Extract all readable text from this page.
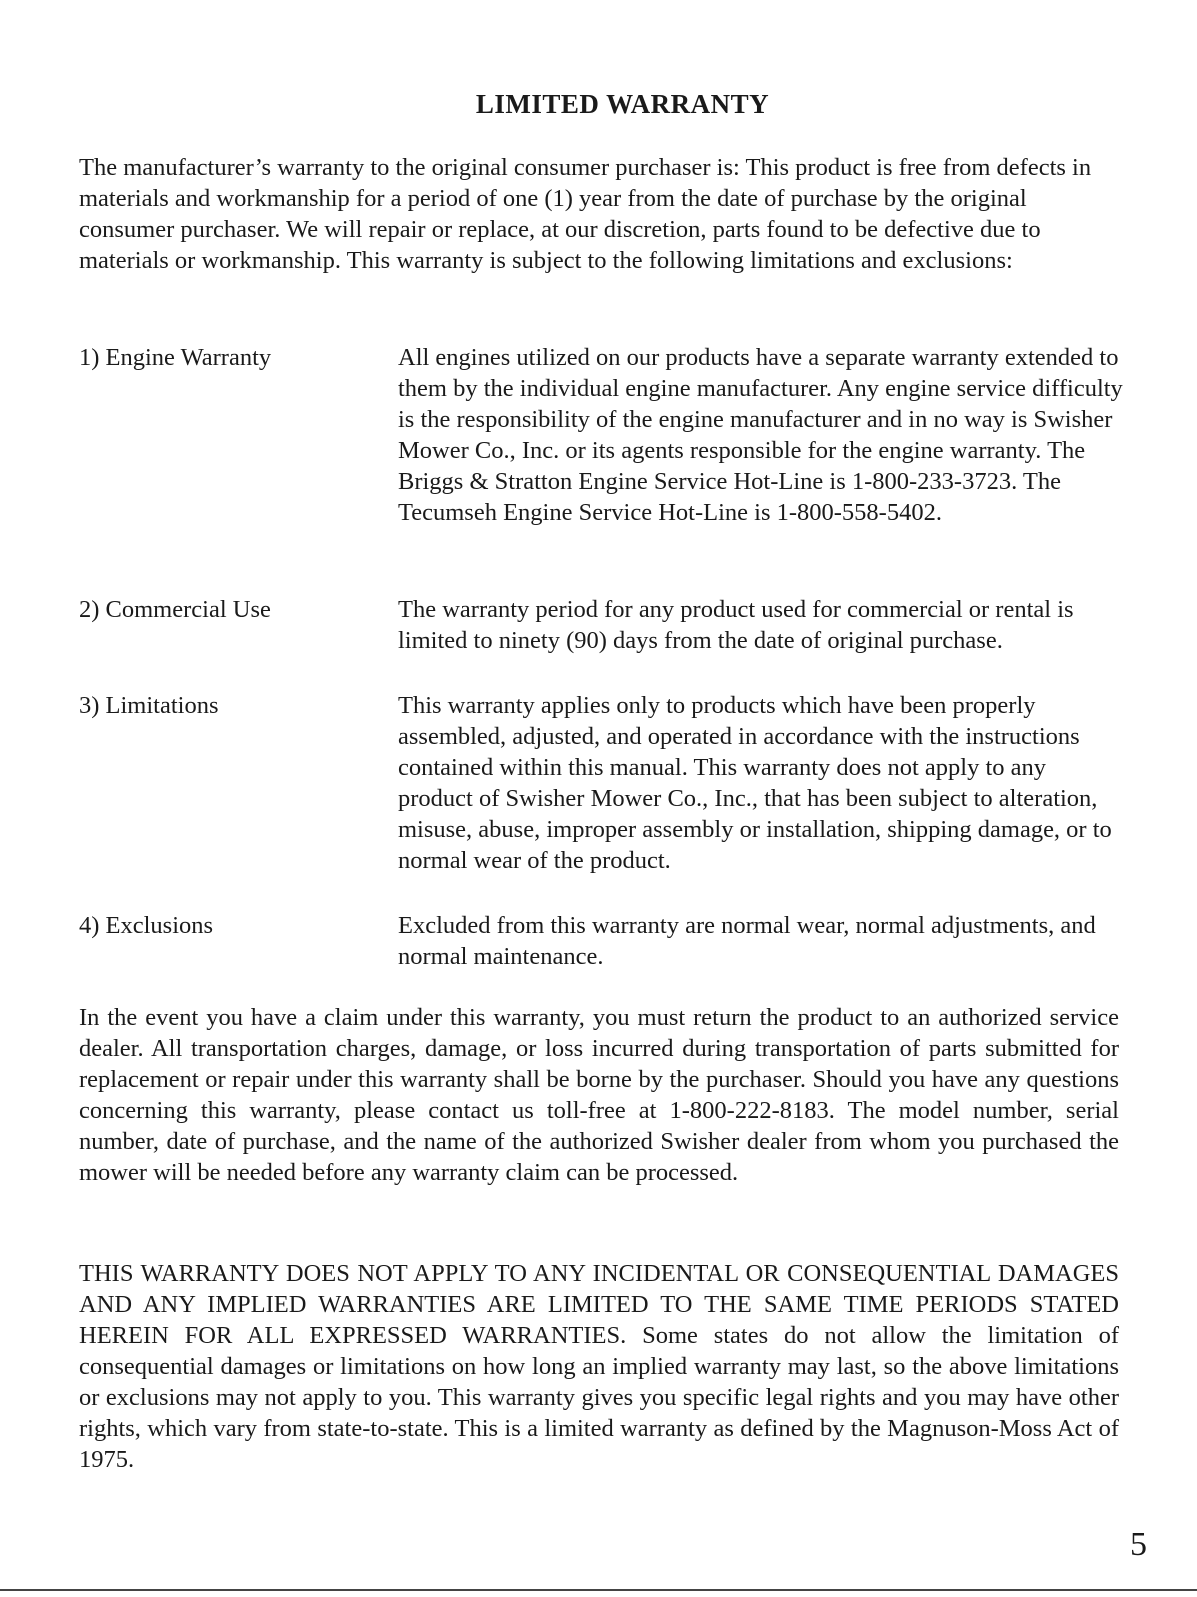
LIMITED WARRANTY

The manufacturer’s warranty to the original consumer purchaser is: This product is free from defects in materials and workmanship for a period of one (1) year from the date of purchase by the original consumer purchaser. We will repair or replace, at our discretion, parts found to be defective due to materials or workmanship. This warranty is subject to the following limitations and exclusions:

1) Engine Warranty	All engines utilized on our products have a separate warranty extended to them by the individual engine manufacturer. Any engine service difficulty is the responsibility of the engine manufacturer and in no way is Swisher Mower Co., Inc. or its agents responsible for the engine warranty. The Briggs & Stratton Engine Service Hot-Line is 1-800-233-3723. The Tecumseh Engine Service Hot-Line is 1-800-558-5402.
2) Commercial Use	The warranty period for any product used for commercial or rental is limited to ninety (90) days from the date of original purchase.
3) Limitations	This warranty applies only to products which have been properly assembled, adjusted, and operated in accordance with the instructions contained within this manual. This warranty does not apply to any product of Swisher Mower Co., Inc., that has been subject to alteration, misuse, abuse, improper assembly or installation, shipping damage, or to normal wear of the product.
4) Exclusions	Excluded from this warranty are normal wear, normal adjustments, and normal maintenance.

In the event you have a claim under this warranty, you must return the product to an authorized service dealer. All transportation charges, damage, or loss incurred during transportation of parts submitted for replacement or repair under this warranty shall be borne by the purchaser. Should you have any questions concerning this warranty, please contact us toll-free at 1-800-222-8183. The model number, serial number, date of purchase, and the name of the authorized Swisher dealer from whom you purchased the mower will be needed before any warranty claim can be processed.

THIS WARRANTY DOES NOT APPLY TO ANY INCIDENTAL OR CONSEQUENTIAL DAMAGES AND ANY IMPLIED WARRANTIES ARE LIMITED TO THE SAME TIME PERIODS STATED HEREIN FOR ALL EXPRESSED WARRANTIES. Some states do not allow the limitation of consequential damages or limitations on how long an implied warranty may last, so the above limitations or exclusions may not apply to you. This warranty gives you specific legal rights and you may have other rights, which vary from state-to-state. This is a limited warranty as defined by the Magnuson-Moss Act of 1975.

5
